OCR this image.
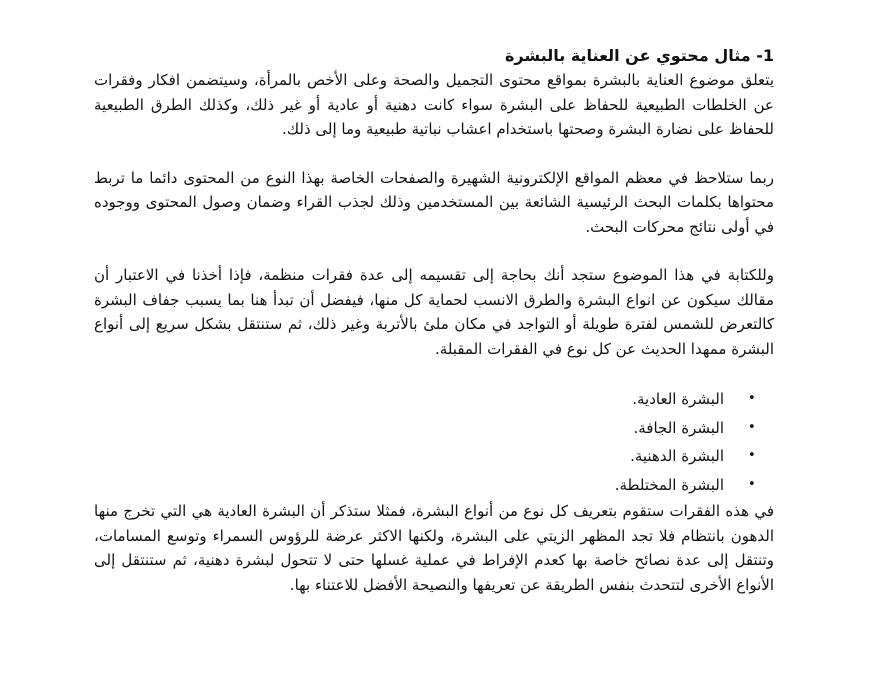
1- مثال محتوي عن العناية بالبشرة

يتعلق موضوع العناية بالبشرة بمواقع محتوى التجميل والصحة وعلى الأخص بالمرأة، وسيتضمن افكار وفقرات عن الخلطات الطبيعية للحفاظ على البشرة سواء كانت دهنية أو عادية أو غير ذلك، وكذلك الطرق الطبيعية للحفاظ على نضارة البشرة وصحتها باستخدام اعشاب نباتية طبيعية وما إلى ذلك.

ربما ستلاحظ في معظم المواقع الإلكترونية الشهيرة والصفحات الخاصة بهذا النوع من المحتوى دائما ما تربط محتواها بكلمات البحث الرئيسية الشائعة بين المستخدمين وذلك لجذب القراء وضمان وصول المحتوى ووجوده في أولى نتائج محركات البحث.

وللكتابة في هذا الموضوع ستجد أنك بحاجة إلى تقسيمه إلى عدة فقرات منظمة، فإذا أخذنا في الاعتبار أن مقالك سيكون عن انواع البشرة والطرق الانسب لحماية كل منها، فيفضل أن تبدأ هنا بما يسبب جفاف البشرة كالتعرض للشمس لفترة طويلة أو التواجد في مكان ملئ بالأتربة وغير ذلك، ثم ستنتقل بشكل سريع إلى أنواع البشرة ممهدا الحديث عن كل نوع في الفقرات المقبلة.

البشرة العادية.
البشرة الجافة.
البشرة الدهنية.
البشرة المختلطة.

في هذه الفقرات ستقوم بتعريف كل نوع من أنواع البشرة، فمثلا ستذكر أن البشرة العادية هي التي تخرج منها الدهون بانتظام فلا تجد المظهر الزيتي على البشرة، ولكنها الاكثر عرضة للرؤوس السمراء وتوسع المسامات، وتنتقل إلى عدة نصائح خاصة بها كعدم الإفراط في عملية غسلها حتى لا تتحول لبشرة دهنية، ثم ستنتقل إلى الأنواع الأخرى لتتحدث بنفس الطريقة عن تعريفها والنصيحة الأفضل للاعتناء بها.
